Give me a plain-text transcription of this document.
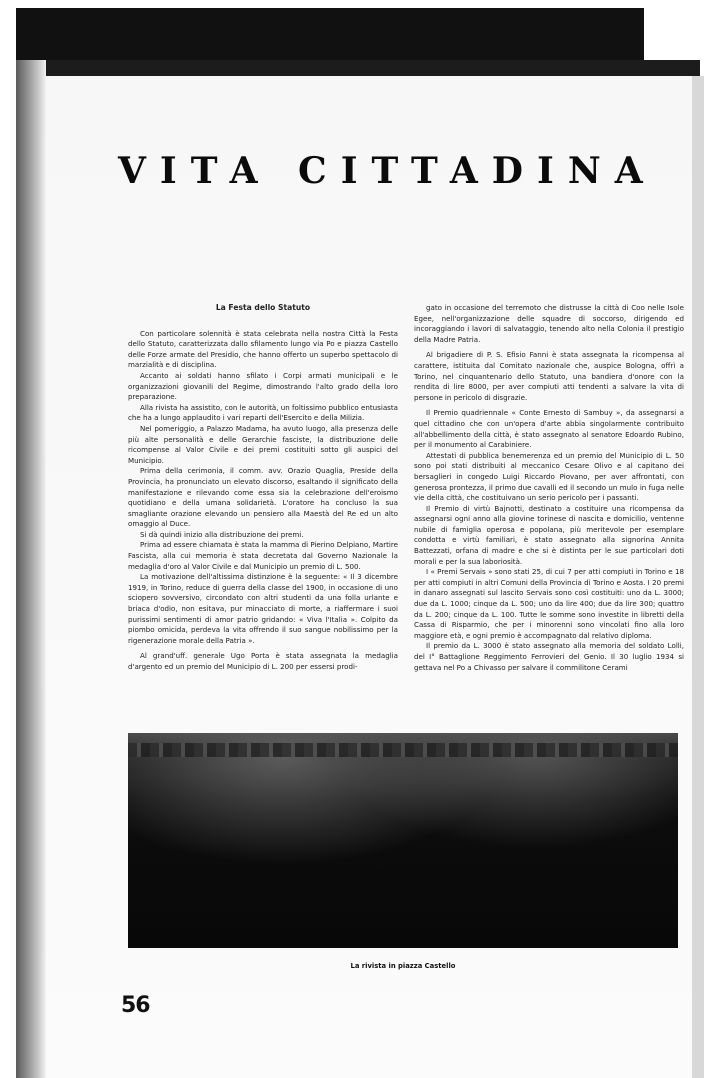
VITA CITTADINA
La Festa dello Statuto

Con particolare solennità è stata celebrata nella nostra Città la Festa dello Statuto, caratterizzata dallo sfilamento lungo via Po e piazza Castello delle Forze armate del Presidio, che hanno offerto un superbo spettacolo di marzialità e di disciplina.

Accanto ai soldati hanno sfilato i Corpi armati municipali e le organizzazioni giovanili del Regime, dimostrando l'alto grado della loro preparazione.

Alla rivista ha assistito, con le autorità, un foltissimo pubblico entusiasta che ha a lungo applaudito i vari reparti dell'Esercito e della Milizia.

Nel pomeriggio, a Palazzo Madama, ha avuto luogo, alla presenza delle più alte personalità e delle Gerarchie fasciste, la distribuzione delle ricompense al Valor Civile e dei premi costituiti sotto gli auspici del Municipio.

Prima della cerimonia, il comm. avv. Orazio Quaglia, Preside della Provincia, ha pronunciato un elevato discorso, esaltando il significato della manifestazione e rilevando come essa sia la celebrazione dell'eroismo quotidiano e della umana solidarietà. L'oratore ha concluso la sua smagliante orazione elevando un pensiero alla Maestà del Re ed un alto omaggio al Duce.

Si dà quindi inizio alla distribuzione dei premi.

Prima ad essere chiamata è stata la mamma di Pierino Delpiano, Martire Fascista, alla cui memoria è stata decretata dal Governo Nazionale la medaglia d'oro al Valor Civile e dal Municipio un premio di L. 500.

La motivazione dell'altissima distinzione è la seguente: « Il 3 dicembre 1919, in Torino, reduce di guerra della classe del 1900, in occasione di uno sciopero sovversivo, circondato con altri studenti da una folla urlante e briaca d'odio, non esitava, pur minacciato di morte, a riaffermare i suoi purissimi sentimenti di amor patrio gridando: « Viva l'Italia ». Colpito da piombo omicida, perdeva la vita offrendo il suo sangue nobilissimo per la rigenerazione morale della Patria ».

Al grand'uff. generale Ugo Porta è stata assegnata la medaglia d'argento ed un premio del Municipio di L. 200 per essersi prodi-

gato in occasione del terremoto che distrusse la città di Coo nelle Isole Egee, nell'organizzazione delle squadre di soccorso, dirigendo ed incoraggiando i lavori di salvataggio, tenendo alto nella Colonia il prestigio della Madre Patria.

Al brigadiere di P. S. Efisio Fanni è stata assegnata la ricompensa al carattere, istituita dal Comitato nazionale che, auspice Bologna, offrì a Torino, nel cinquantenario dello Statuto, una bandiera d'onore con la rendita di lire 8000, per aver compiuti atti tendenti a salvare la vita di persone in pericolo di disgrazie.

Il Premio quadriennale « Conte Ernesto di Sambuy », da assegnarsi a quel cittadino che con un'opera d'arte abbia singolarmente contribuito all'abbellimento della città, è stato assegnato al senatore Edoardo Rubino, per il monumento al Carabiniere.

Attestati di pubblica benemerenza ed un premio del Municipio di L. 50 sono poi stati distribuiti al meccanico Cesare Olivo e al capitano dei bersaglieri in congedo Luigi Riccardo Piovano, per aver affrontati, con generosa prontezza, il primo due cavalli ed il secondo un mulo in fuga nelle vie della città, che costituivano un serio pericolo per i passanti.

Il Premio di virtù Bajnotti, destinato a costituire una ricompensa da assegnarsi ogni anno alla giovine torinese di nascita e domicilio, ventenne nubile di famiglia operosa e popolana, più meritevole per esemplare condotta e virtù familiari, è stato assegnato alla signorina Annita Battezzati, orfana di madre e che si è distinta per le sue particolari doti morali e per la sua laboriosità.

I « Premi Servais » sono stati 25, di cui 7 per atti compiuti in Torino e 18 per atti compiuti in altri Comuni della Provincia di Torino e Aosta. I 20 premi in danaro assegnati sul lascito Servais sono così costituiti: uno da L. 3000; due da L. 1000; cinque da L. 500; uno da lire 400; due da lire 300; quattro da L. 200; cinque da L. 100. Tutte le somme sono investite in libretti della Cassa di Risparmio, che per i minorenni sono vincolati fino alla loro maggiore età, e ogni premio è accompagnato dal relativo diploma.

Il premio da L. 3000 è stato assegnato alla memoria del soldato Lolli, del I° Battaglione Reggimento Ferrovieri del Genio. Il 30 luglio 1934 si gettava nel Po a Chivasso per salvare il commilitone Cerami

La rivista in piazza Castello
56
